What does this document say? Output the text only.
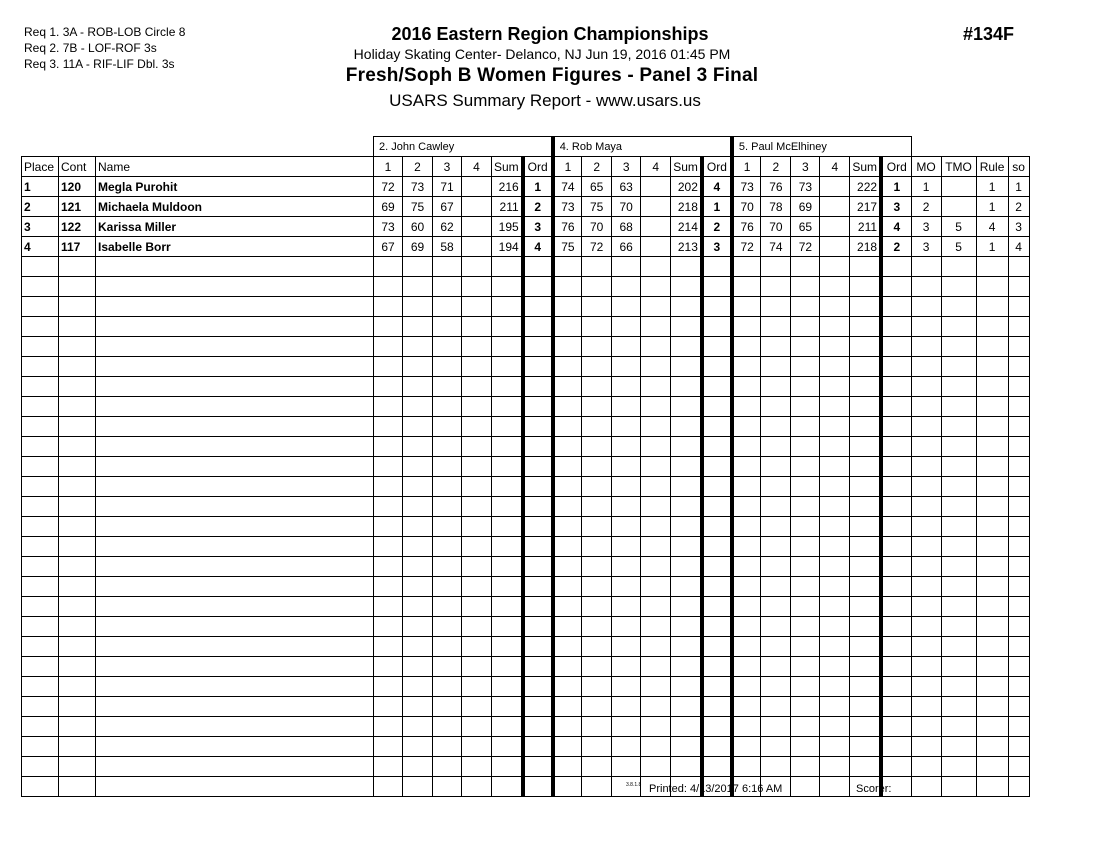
Req 1. 3A - ROB-LOB Circle 8
Req 2. 7B - LOF-ROF 3s
Req 3. 11A - RIF-LIF Dbl. 3s
2016 Eastern Region Championships
Holiday Skating Center- Delanco, NJ Jun 19, 2016 01:45 PM
Fresh/Soph B Women Figures - Panel 3 Final
USARS Summary Report - www.usars.us
#134F
			2. John Cawley						4. Rob Maya						5. Paul McElhiney									
Place	Cont	Name	1	2	3	4	Sum	Ord	1	2	3	4	Sum	Ord	1	2	3	4	Sum	Ord	MO	TMO	Rule	so
1	120	Megla Purohit	72	73	71		216	1	74	65	63		202	4	73	76	73		222	1	1		1	1
2	121	Michaela Muldoon	69	75	67		211	2	73	75	70		218	1	70	78	69		217	3	2		1	2
3	122	Karissa Miller	73	60	62		195	3	76	70	68		214	2	76	70	65		211	4	3	5	4	3
4	117	Isabelle Borr	67	69	58		194	4	75	72	66		213	3	72	74	72		218	2	3	5	1	4

3.8.1.8 Printed: 4/13/2017 6:16 AM	Scorer:
